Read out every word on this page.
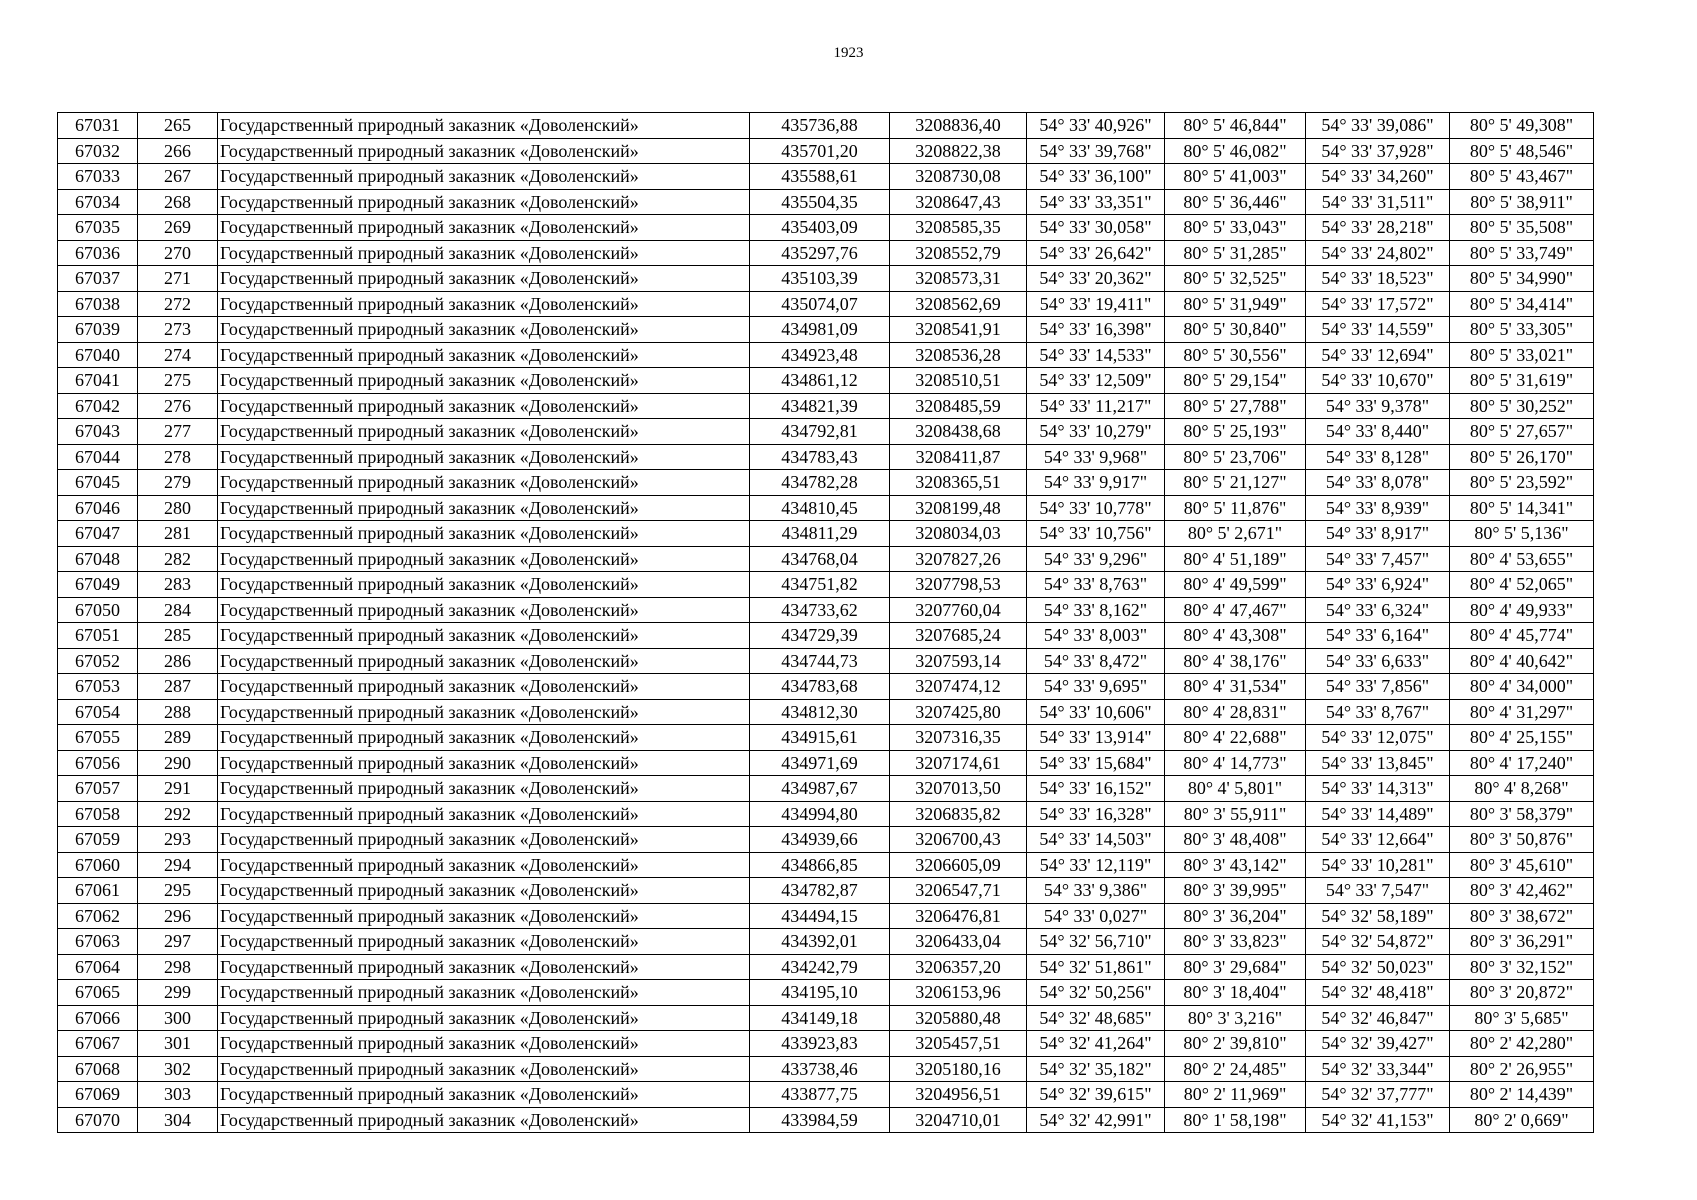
1923
67031	265	Государственный природный заказник «Доволенский»	435736,88	3208836,40	54° 33' 40,926"	80° 5' 46,844"	54° 33' 39,086"	80° 5' 49,308"
67032	266	Государственный природный заказник «Доволенский»	435701,20	3208822,38	54° 33' 39,768"	80° 5' 46,082"	54° 33' 37,928"	80° 5' 48,546"
67033	267	Государственный природный заказник «Доволенский»	435588,61	3208730,08	54° 33' 36,100"	80° 5' 41,003"	54° 33' 34,260"	80° 5' 43,467"
67034	268	Государственный природный заказник «Доволенский»	435504,35	3208647,43	54° 33' 33,351"	80° 5' 36,446"	54° 33' 31,511"	80° 5' 38,911"
67035	269	Государственный природный заказник «Доволенский»	435403,09	3208585,35	54° 33' 30,058"	80° 5' 33,043"	54° 33' 28,218"	80° 5' 35,508"
67036	270	Государственный природный заказник «Доволенский»	435297,76	3208552,79	54° 33' 26,642"	80° 5' 31,285"	54° 33' 24,802"	80° 5' 33,749"
67037	271	Государственный природный заказник «Доволенский»	435103,39	3208573,31	54° 33' 20,362"	80° 5' 32,525"	54° 33' 18,523"	80° 5' 34,990"
67038	272	Государственный природный заказник «Доволенский»	435074,07	3208562,69	54° 33' 19,411"	80° 5' 31,949"	54° 33' 17,572"	80° 5' 34,414"
67039	273	Государственный природный заказник «Доволенский»	434981,09	3208541,91	54° 33' 16,398"	80° 5' 30,840"	54° 33' 14,559"	80° 5' 33,305"
67040	274	Государственный природный заказник «Доволенский»	434923,48	3208536,28	54° 33' 14,533"	80° 5' 30,556"	54° 33' 12,694"	80° 5' 33,021"
67041	275	Государственный природный заказник «Доволенский»	434861,12	3208510,51	54° 33' 12,509"	80° 5' 29,154"	54° 33' 10,670"	80° 5' 31,619"
67042	276	Государственный природный заказник «Доволенский»	434821,39	3208485,59	54° 33' 11,217"	80° 5' 27,788"	54° 33' 9,378"	80° 5' 30,252"
67043	277	Государственный природный заказник «Доволенский»	434792,81	3208438,68	54° 33' 10,279"	80° 5' 25,193"	54° 33' 8,440"	80° 5' 27,657"
67044	278	Государственный природный заказник «Доволенский»	434783,43	3208411,87	54° 33' 9,968"	80° 5' 23,706"	54° 33' 8,128"	80° 5' 26,170"
67045	279	Государственный природный заказник «Доволенский»	434782,28	3208365,51	54° 33' 9,917"	80° 5' 21,127"	54° 33' 8,078"	80° 5' 23,592"
67046	280	Государственный природный заказник «Доволенский»	434810,45	3208199,48	54° 33' 10,778"	80° 5' 11,876"	54° 33' 8,939"	80° 5' 14,341"
67047	281	Государственный природный заказник «Доволенский»	434811,29	3208034,03	54° 33' 10,756"	80° 5' 2,671"	54° 33' 8,917"	80° 5' 5,136"
67048	282	Государственный природный заказник «Доволенский»	434768,04	3207827,26	54° 33' 9,296"	80° 4' 51,189"	54° 33' 7,457"	80° 4' 53,655"
67049	283	Государственный природный заказник «Доволенский»	434751,82	3207798,53	54° 33' 8,763"	80° 4' 49,599"	54° 33' 6,924"	80° 4' 52,065"
67050	284	Государственный природный заказник «Доволенский»	434733,62	3207760,04	54° 33' 8,162"	80° 4' 47,467"	54° 33' 6,324"	80° 4' 49,933"
67051	285	Государственный природный заказник «Доволенский»	434729,39	3207685,24	54° 33' 8,003"	80° 4' 43,308"	54° 33' 6,164"	80° 4' 45,774"
67052	286	Государственный природный заказник «Доволенский»	434744,73	3207593,14	54° 33' 8,472"	80° 4' 38,176"	54° 33' 6,633"	80° 4' 40,642"
67053	287	Государственный природный заказник «Доволенский»	434783,68	3207474,12	54° 33' 9,695"	80° 4' 31,534"	54° 33' 7,856"	80° 4' 34,000"
67054	288	Государственный природный заказник «Доволенский»	434812,30	3207425,80	54° 33' 10,606"	80° 4' 28,831"	54° 33' 8,767"	80° 4' 31,297"
67055	289	Государственный природный заказник «Доволенский»	434915,61	3207316,35	54° 33' 13,914"	80° 4' 22,688"	54° 33' 12,075"	80° 4' 25,155"
67056	290	Государственный природный заказник «Доволенский»	434971,69	3207174,61	54° 33' 15,684"	80° 4' 14,773"	54° 33' 13,845"	80° 4' 17,240"
67057	291	Государственный природный заказник «Доволенский»	434987,67	3207013,50	54° 33' 16,152"	80° 4' 5,801"	54° 33' 14,313"	80° 4' 8,268"
67058	292	Государственный природный заказник «Доволенский»	434994,80	3206835,82	54° 33' 16,328"	80° 3' 55,911"	54° 33' 14,489"	80° 3' 58,379"
67059	293	Государственный природный заказник «Доволенский»	434939,66	3206700,43	54° 33' 14,503"	80° 3' 48,408"	54° 33' 12,664"	80° 3' 50,876"
67060	294	Государственный природный заказник «Доволенский»	434866,85	3206605,09	54° 33' 12,119"	80° 3' 43,142"	54° 33' 10,281"	80° 3' 45,610"
67061	295	Государственный природный заказник «Доволенский»	434782,87	3206547,71	54° 33' 9,386"	80° 3' 39,995"	54° 33' 7,547"	80° 3' 42,462"
67062	296	Государственный природный заказник «Доволенский»	434494,15	3206476,81	54° 33' 0,027"	80° 3' 36,204"	54° 32' 58,189"	80° 3' 38,672"
67063	297	Государственный природный заказник «Доволенский»	434392,01	3206433,04	54° 32' 56,710"	80° 3' 33,823"	54° 32' 54,872"	80° 3' 36,291"
67064	298	Государственный природный заказник «Доволенский»	434242,79	3206357,20	54° 32' 51,861"	80° 3' 29,684"	54° 32' 50,023"	80° 3' 32,152"
67065	299	Государственный природный заказник «Доволенский»	434195,10	3206153,96	54° 32' 50,256"	80° 3' 18,404"	54° 32' 48,418"	80° 3' 20,872"
67066	300	Государственный природный заказник «Доволенский»	434149,18	3205880,48	54° 32' 48,685"	80° 3' 3,216"	54° 32' 46,847"	80° 3' 5,685"
67067	301	Государственный природный заказник «Доволенский»	433923,83	3205457,51	54° 32' 41,264"	80° 2' 39,810"	54° 32' 39,427"	80° 2' 42,280"
67068	302	Государственный природный заказник «Доволенский»	433738,46	3205180,16	54° 32' 35,182"	80° 2' 24,485"	54° 32' 33,344"	80° 2' 26,955"
67069	303	Государственный природный заказник «Доволенский»	433877,75	3204956,51	54° 32' 39,615"	80° 2' 11,969"	54° 32' 37,777"	80° 2' 14,439"
67070	304	Государственный природный заказник «Доволенский»	433984,59	3204710,01	54° 32' 42,991"	80° 1' 58,198"	54° 32' 41,153"	80° 2' 0,669"
